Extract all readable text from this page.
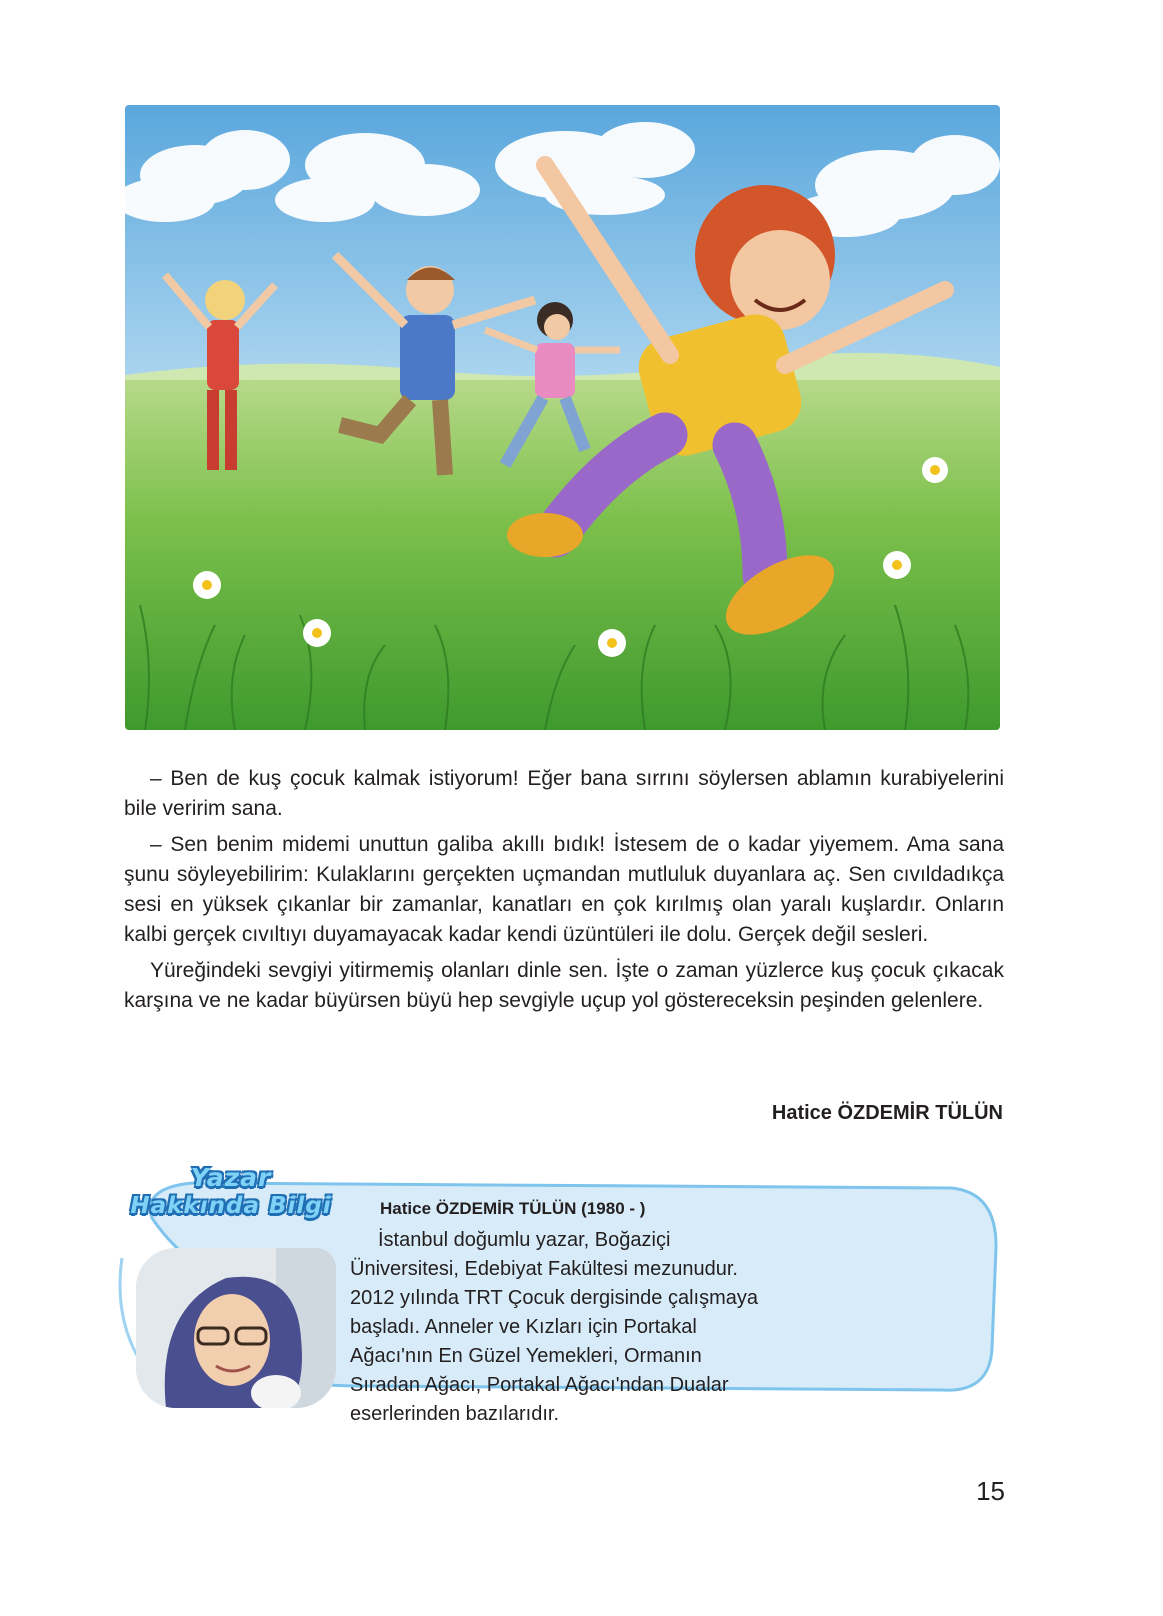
– Ben de kuş çocuk kalmak istiyorum! Eğer bana sırrını söylersen ablamın kurabiyelerini bile veririm sana.

– Sen benim midemi unuttun galiba akıllı bıdık! İstesem de o kadar yiyemem. Ama sana şunu söyleyebilirim: Kulaklarını gerçekten uçmandan mutluluk duyanlara aç. Sen cıvıldadıkça sesi en yüksek çıkanlar bir zamanlar, kanatları en çok kırılmış olan yaralı kuşlardır. Onların kalbi gerçek cıvıltıyı duyamayacak kadar kendi üzüntüleri ile dolu. Gerçek değil sesleri.

Yüreğindeki sevgiyi yitirmemiş olanları dinle sen. İşte o zaman yüzlerce kuş çocuk çıkacak karşına ve ne kadar büyürsen büyü hep sevgiyle uçup yol göstereceksin peşinden gelenlere.

Hatice ÖZDEMİR TÜLÜN
Yazar
Hakkında Bilgi	Hatice ÖZDEMİR TÜLÜN (1980 - )

İstanbul doğumlu yazar, Boğaziçi Üniversitesi, Edebiyat Fakültesi mezunudur. 2012 yılında TRT Çocuk dergisinde çalışmaya başladı. Anneler ve Kızları için Portakal Ağacı'nın En Güzel Yemekleri, Ormanın Sıradan Ağacı, Portakal Ağacı'ndan Dualar eserlerinden bazılarıdır.

15
